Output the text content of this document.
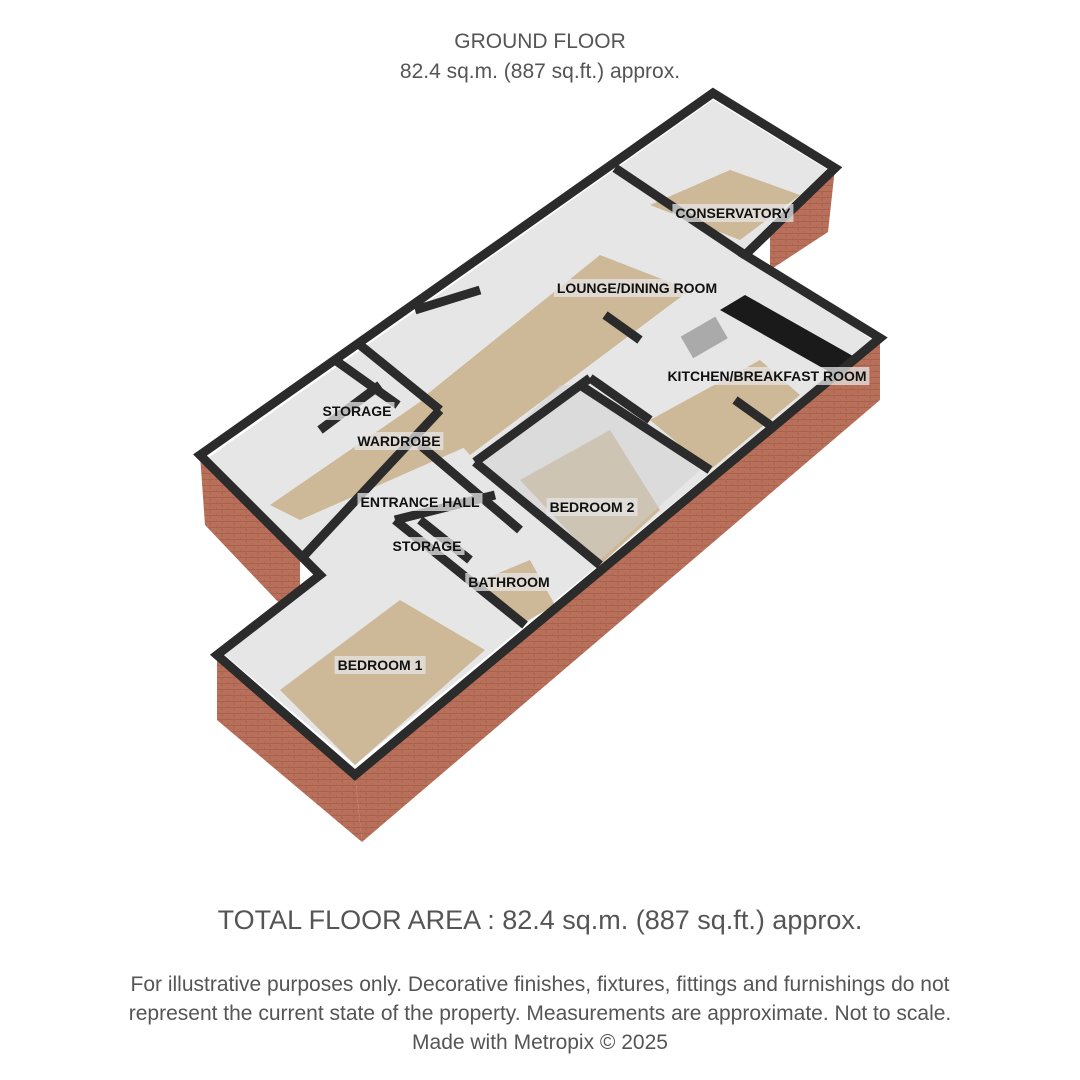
GROUND FLOOR
82.4 sq.m. (887 sq.ft.) approx.
CONSERVATORY
LOUNGE/DINING ROOM
KITCHEN/BREAKFAST ROOM
STORAGE
WARDROBE
ENTRANCE HALL
STORAGE
BEDROOM 2
BATHROOM
BEDROOM 1
TOTAL FLOOR AREA : 82.4 sq.m. (887 sq.ft.) approx.
For illustrative purposes only. Decorative finishes, fixtures, fittings and furnishings do not
represent the current state of the property. Measurements are approximate. Not to scale.
Made with Metropix © 2025
